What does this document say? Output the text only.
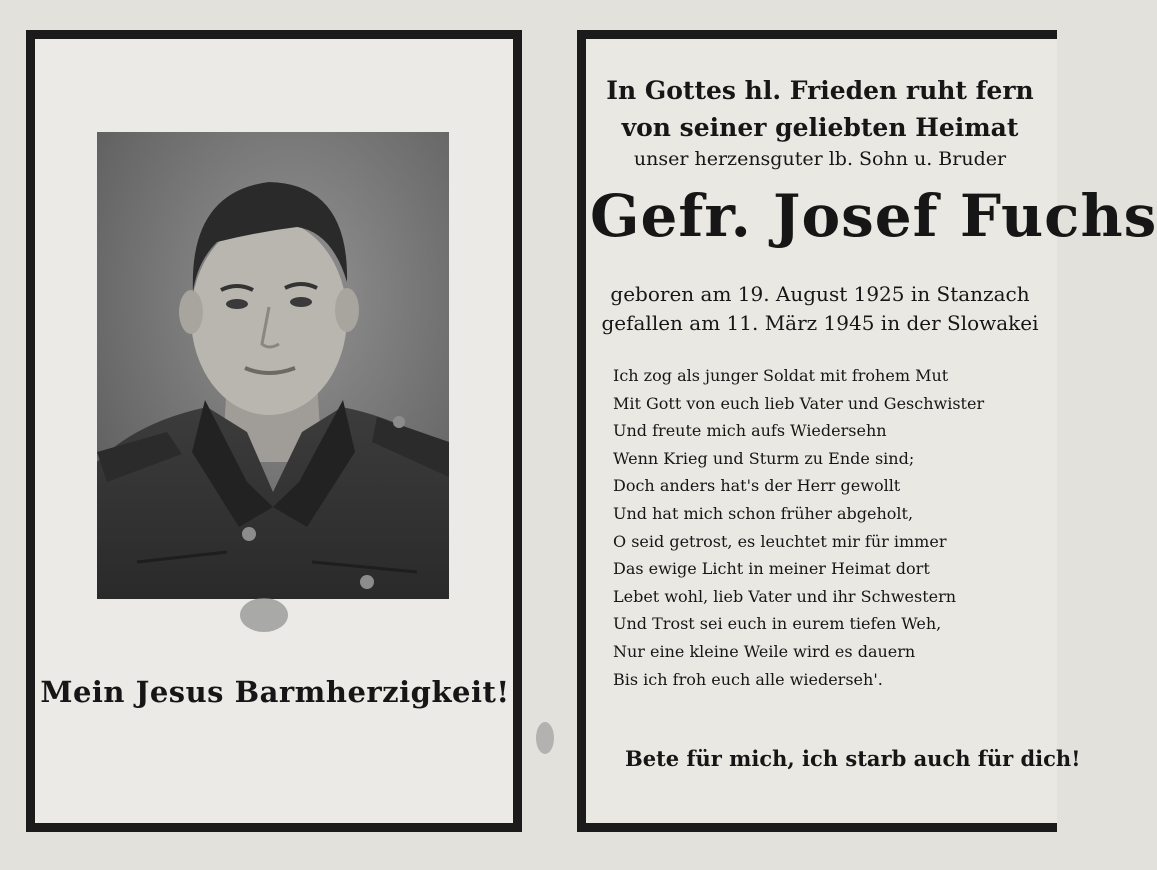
Mein Jesus Barmherzigkeit!
In Gottes hl. Frieden ruht fern
von seiner geliebten Heimat
unser herzensguter lb. Sohn u. Bruder
Gefr. Josef Fuchs
geboren am 19. August 1925 in Stanzach
gefallen am 11. März 1945 in der Slowakei
Ich zog als junger Soldat mit frohem Mut
Mit Gott von euch lieb Vater und Geschwister
Und freute mich aufs Wiedersehn
Wenn Krieg und Sturm zu Ende sind;
Doch anders hat's der Herr gewollt
Und hat mich schon früher abgeholt,
O seid getrost, es leuchtet mir für immer
Das ewige Licht in meiner Heimat dort
Lebet wohl, lieb Vater und ihr Schwestern
Und Trost sei euch in eurem tiefen Weh,
Nur eine kleine Weile wird es dauern
Bis ich froh euch alle wiederseh'.
Bete für mich, ich starb auch für dich!
